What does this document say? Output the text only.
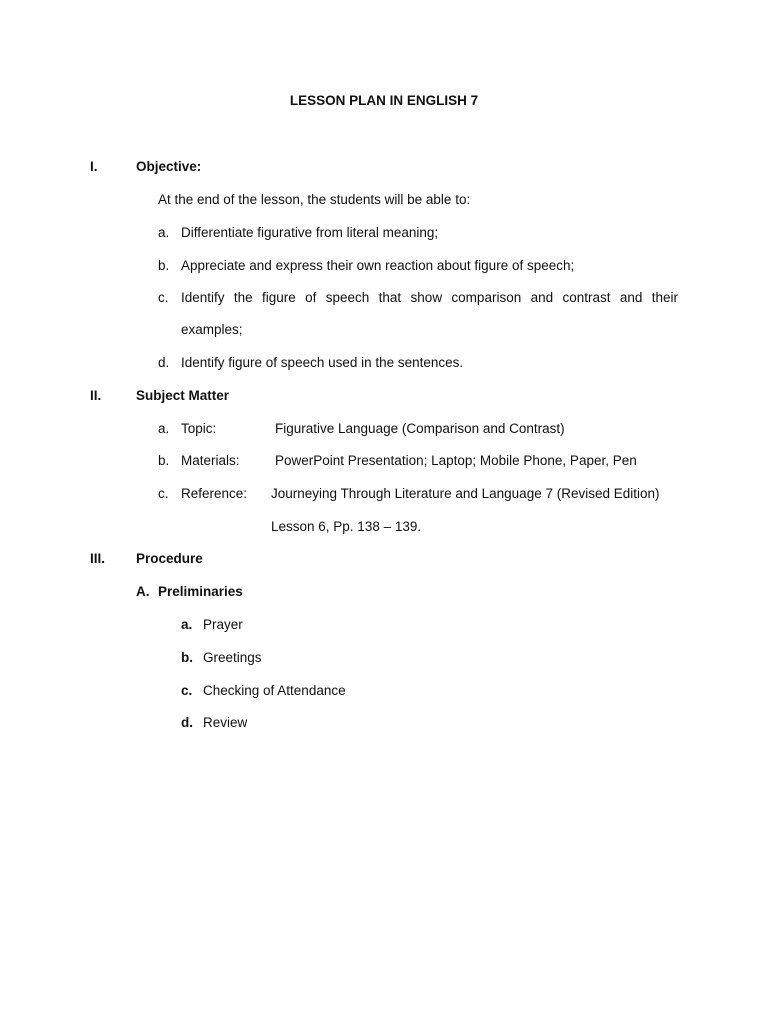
LESSON PLAN IN ENGLISH 7
I.	Objective:
At the end of the lesson, the students will be able to:
a. Differentiate figurative from literal meaning;
b. Appreciate and express their own reaction about figure of speech;
c. Identify the figure of speech that show comparison and contrast and their
examples;
d. Identify figure of speech used in the sentences.
II.	Subject Matter
a. Topic:	Figurative Language (Comparison and Contrast)
b. Materials:	PowerPoint Presentation; Laptop; Mobile Phone, Paper, Pen
c. Reference: Journeying Through Literature and Language 7 (Revised Edition)
Lesson 6, Pp. 138 – 139.
III. Procedure
A. Preliminaries
a. Prayer
b. Greetings
c. Checking of Attendance
d. Review
